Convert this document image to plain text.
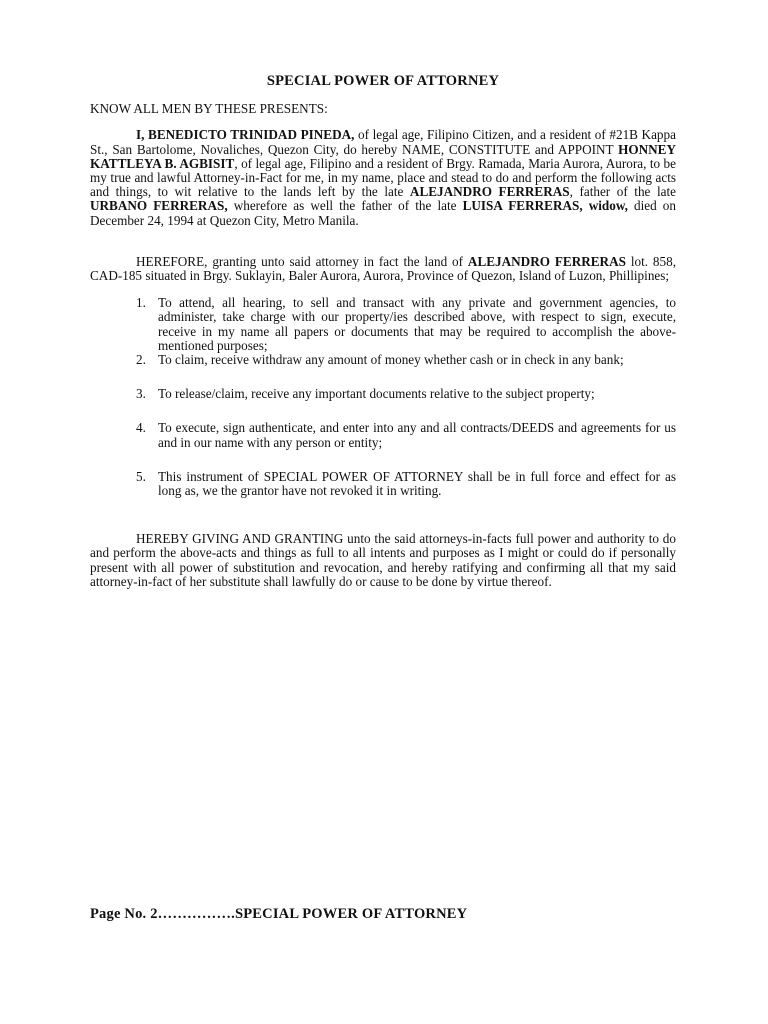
SPECIAL POWER OF ATTORNEY
KNOW ALL MEN BY THESE PRESENTS:

I, BENEDICTO TRINIDAD PINEDA, of legal age, Filipino Citizen, and a resident of #21B Kappa St., San Bartolome, Novaliches, Quezon City, do hereby NAME, CONSTITUTE and APPOINT HONNEY KATTLEYA B. AGBISIT, of legal age, Filipino and a resident of Brgy. Ramada, Maria Aurora, Aurora, to be my true and lawful Attorney-in-Fact for me, in my name, place and stead to do and perform the following acts and things, to wit relative to the lands left by the late ALEJANDRO FERRERAS, father of the late URBANO FERRERAS, wherefore as well the father of the late LUISA FERRERAS, widow, died on December 24, 1994 at Quezon City, Metro Manila.

HEREFORE, granting unto said attorney in fact the land of ALEJANDRO FERRERAS lot. 858, CAD-185 situated in Brgy. Suklayin, Baler Aurora, Aurora, Province of Quezon, Island of Luzon, Phillipines;

1. To attend, all hearing, to sell and transact with any private and government agencies, to administer, take charge with our property/ies described above, with respect to sign, execute, receive in my name all papers or documents that may be required to accomplish the above-mentioned purposes;
2. To claim, receive withdraw any amount of money whether cash or in check in any bank;
3. To release/claim, receive any important documents relative to the subject property;
4. To execute, sign authenticate, and enter into any and all contracts/DEEDS and agreements for us and in our name with any person or entity;
5. This instrument of SPECIAL POWER OF ATTORNEY shall be in full force and effect for as long as, we the grantor have not revoked it in writing.

HEREBY GIVING AND GRANTING unto the said attorneys-in-facts full power and authority to do and perform the above-acts and things as full to all intents and purposes as I might or could do if personally present with all power of substitution and revocation, and hereby ratifying and confirming all that my said attorney-in-fact of her substitute shall lawfully do or cause to be done by virtue thereof.

Page No. 2…………….SPECIAL POWER OF ATTORNEY
